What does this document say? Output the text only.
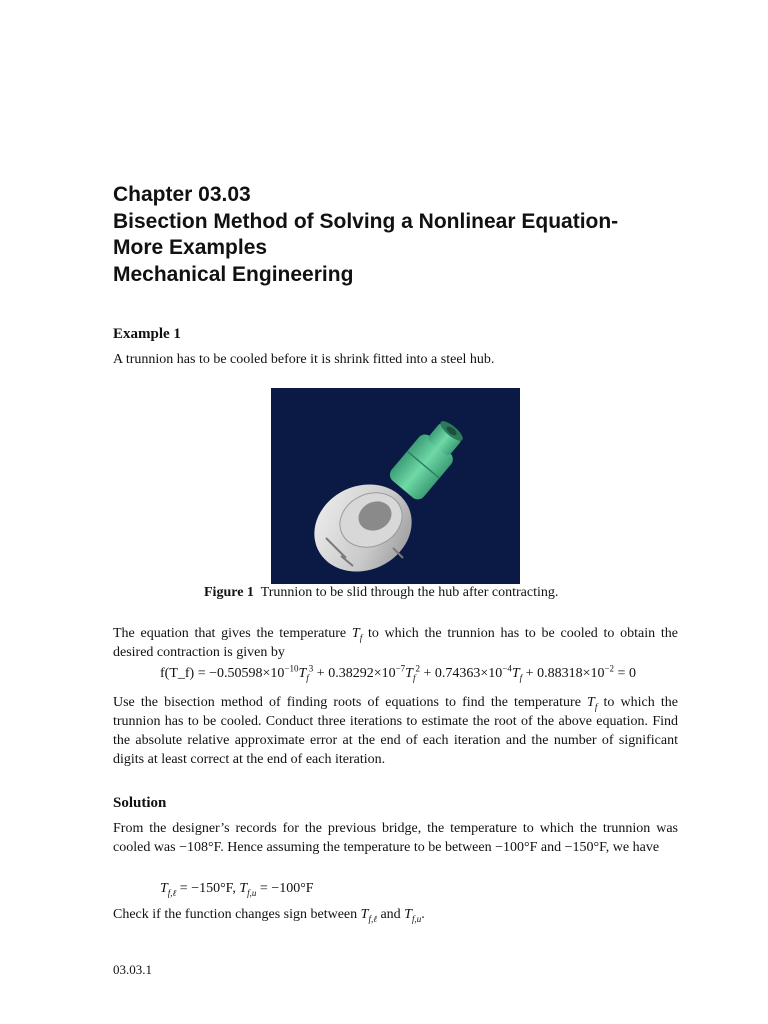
Chapter 03.03
Bisection Method of Solving a Nonlinear Equation-
More Examples
Mechanical Engineering
Example 1
A trunnion has to be cooled before it is shrink fitted into a steel hub.
Figure 1 Trunnion to be slid through the hub after contracting.
The equation that gives the temperature $T_f$ to which the trunnion has to be cooled to obtain the desired contraction is given by
f(T_f) = $-0.50598\times 10^{-10}T_f^3 + 0.38292\times 10^{-7}T_f^2 + 0.74363\times 10^{-4}T_f + 0.88318\times 10^{-2} = 0$
Use the bisection method of finding roots of equations to find the temperature $T_f$ to which the trunnion has to be cooled. Conduct three iterations to estimate the root of the above equation. Find the absolute relative approximate error at the end of each iteration and the number of significant digits at least correct at the end of each iteration.
Solution
From the designer’s records for the previous bridge, the temperature to which the trunnion was cooled was −108°F. Hence assuming the temperature to be between −100°F and −150°F, we have
$T_{f,\ell} = -150^\circ F$, $T_{f,u} = -100^\circ F$
Check if the function changes sign between $T_{f,\ell}$ and $T_{f,u}$.
03.03.1
